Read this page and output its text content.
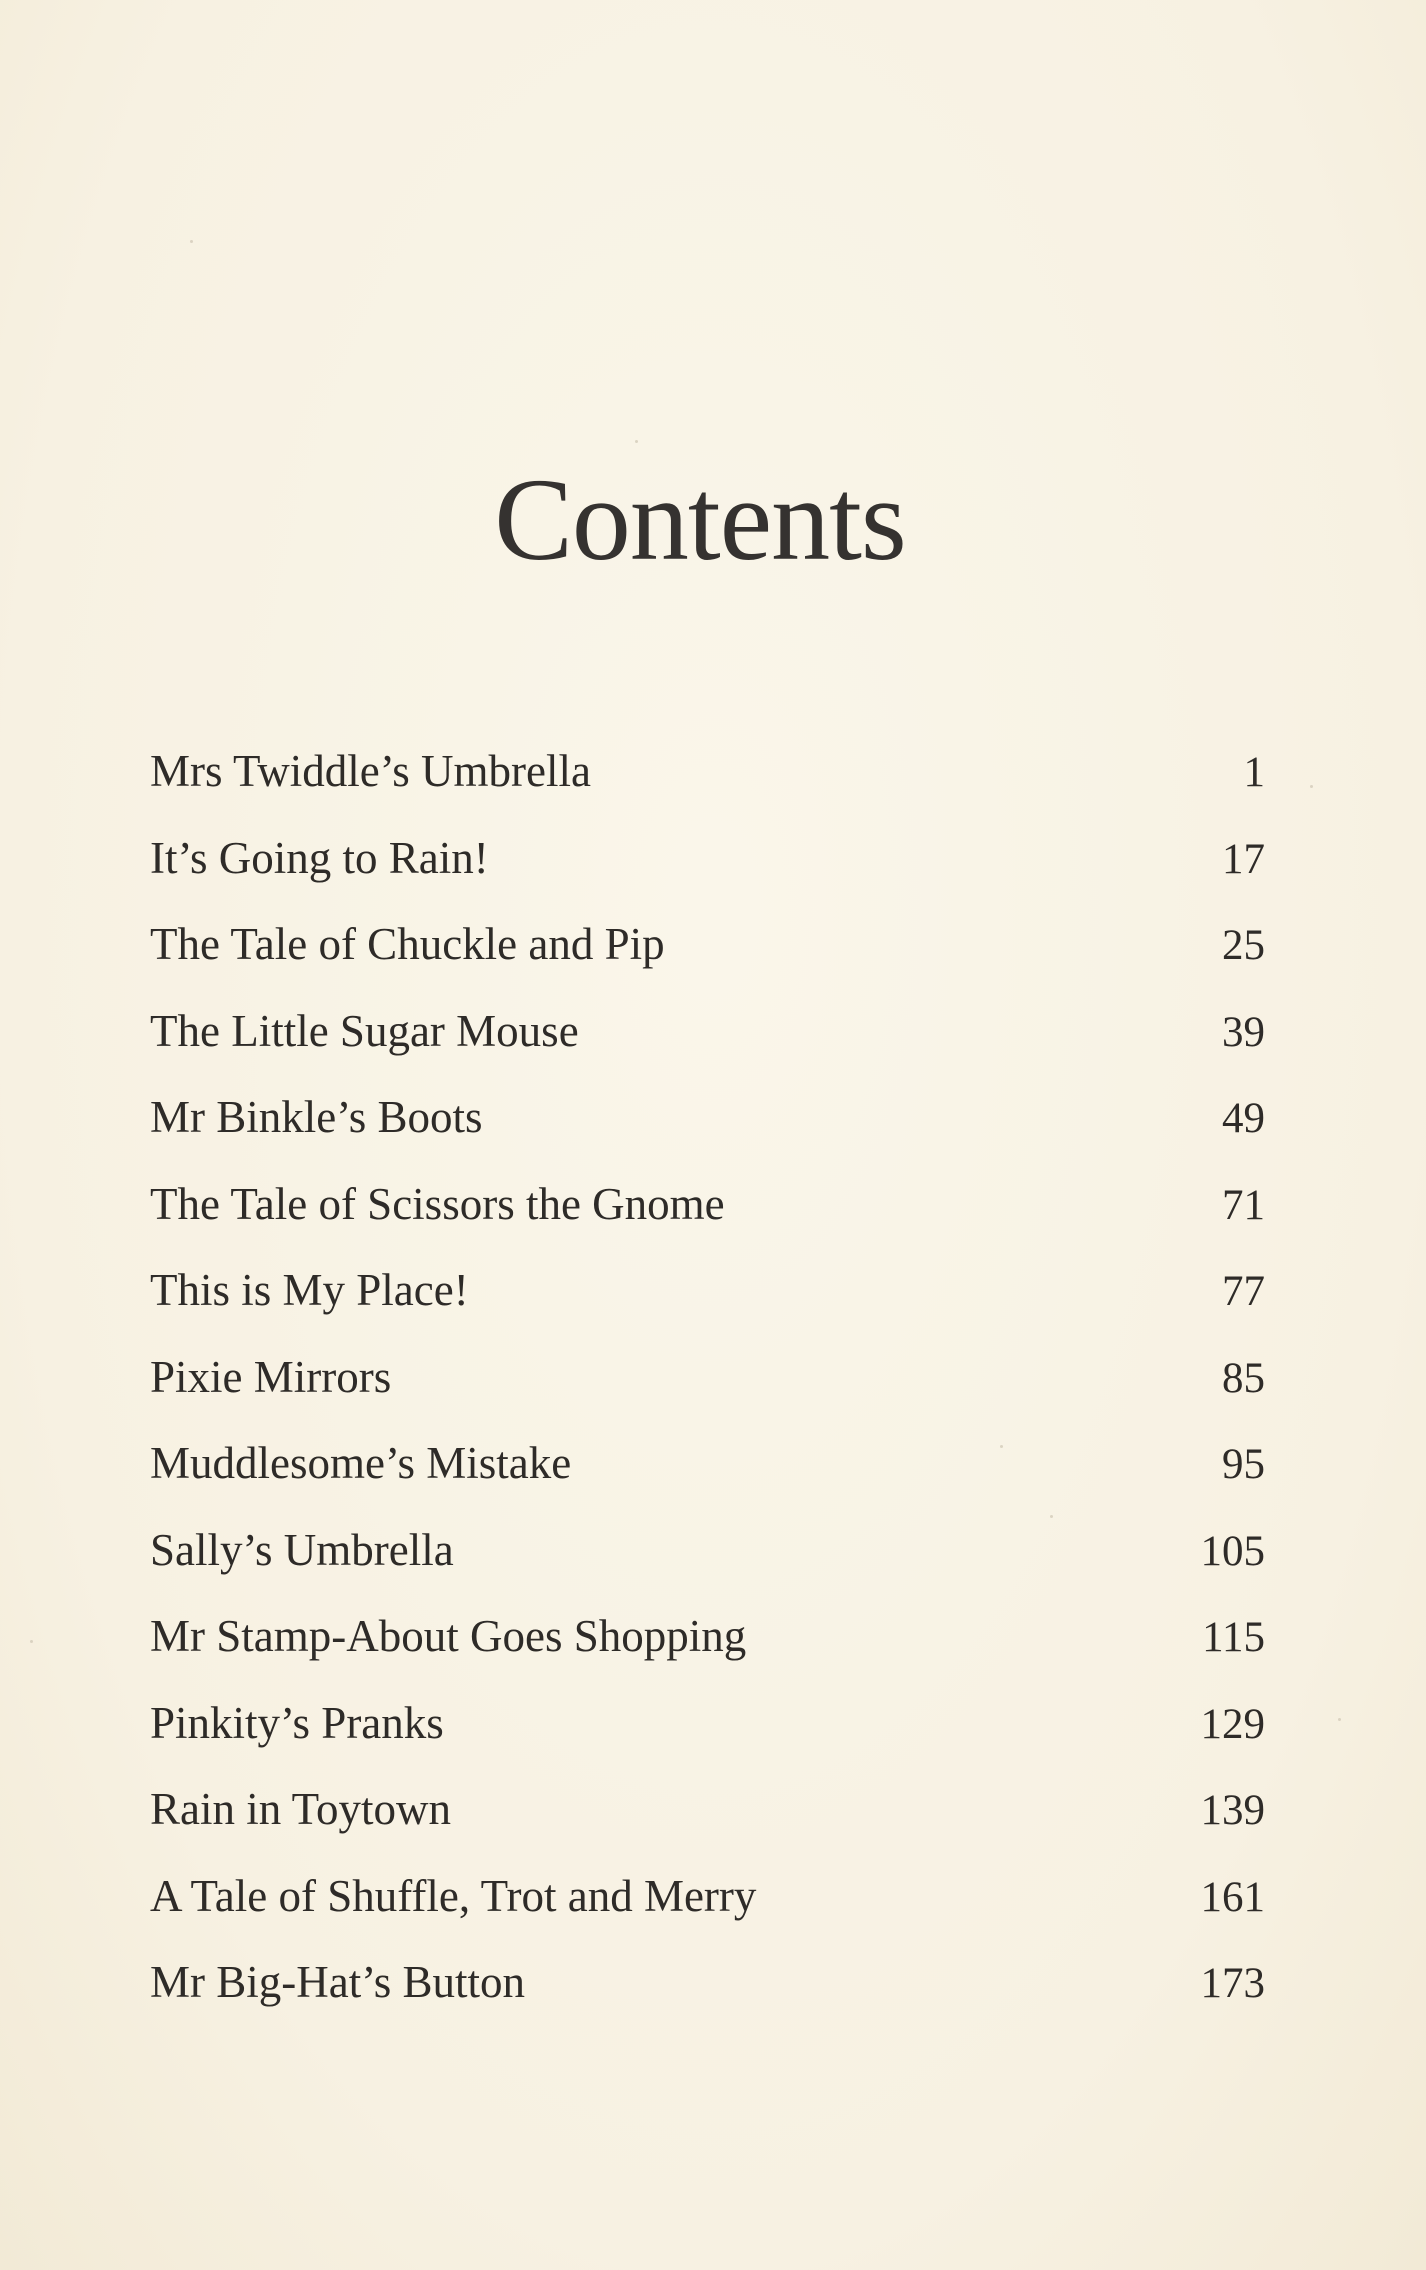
Contents
Mrs Twiddle’s Umbrella	1
It’s Going to Rain!	17
The Tale of Chuckle and Pip	25
The Little Sugar Mouse	39
Mr Binkle’s Boots	49
The Tale of Scissors the Gnome	71
This is My Place!	77
Pixie Mirrors	85
Muddlesome’s Mistake	95
Sally’s Umbrella	105
Mr Stamp-About Goes Shopping	115
Pinkity’s Pranks	129
Rain in Toytown	139
A Tale of Shuffle, Trot and Merry	161
Mr Big-Hat’s Button	173
